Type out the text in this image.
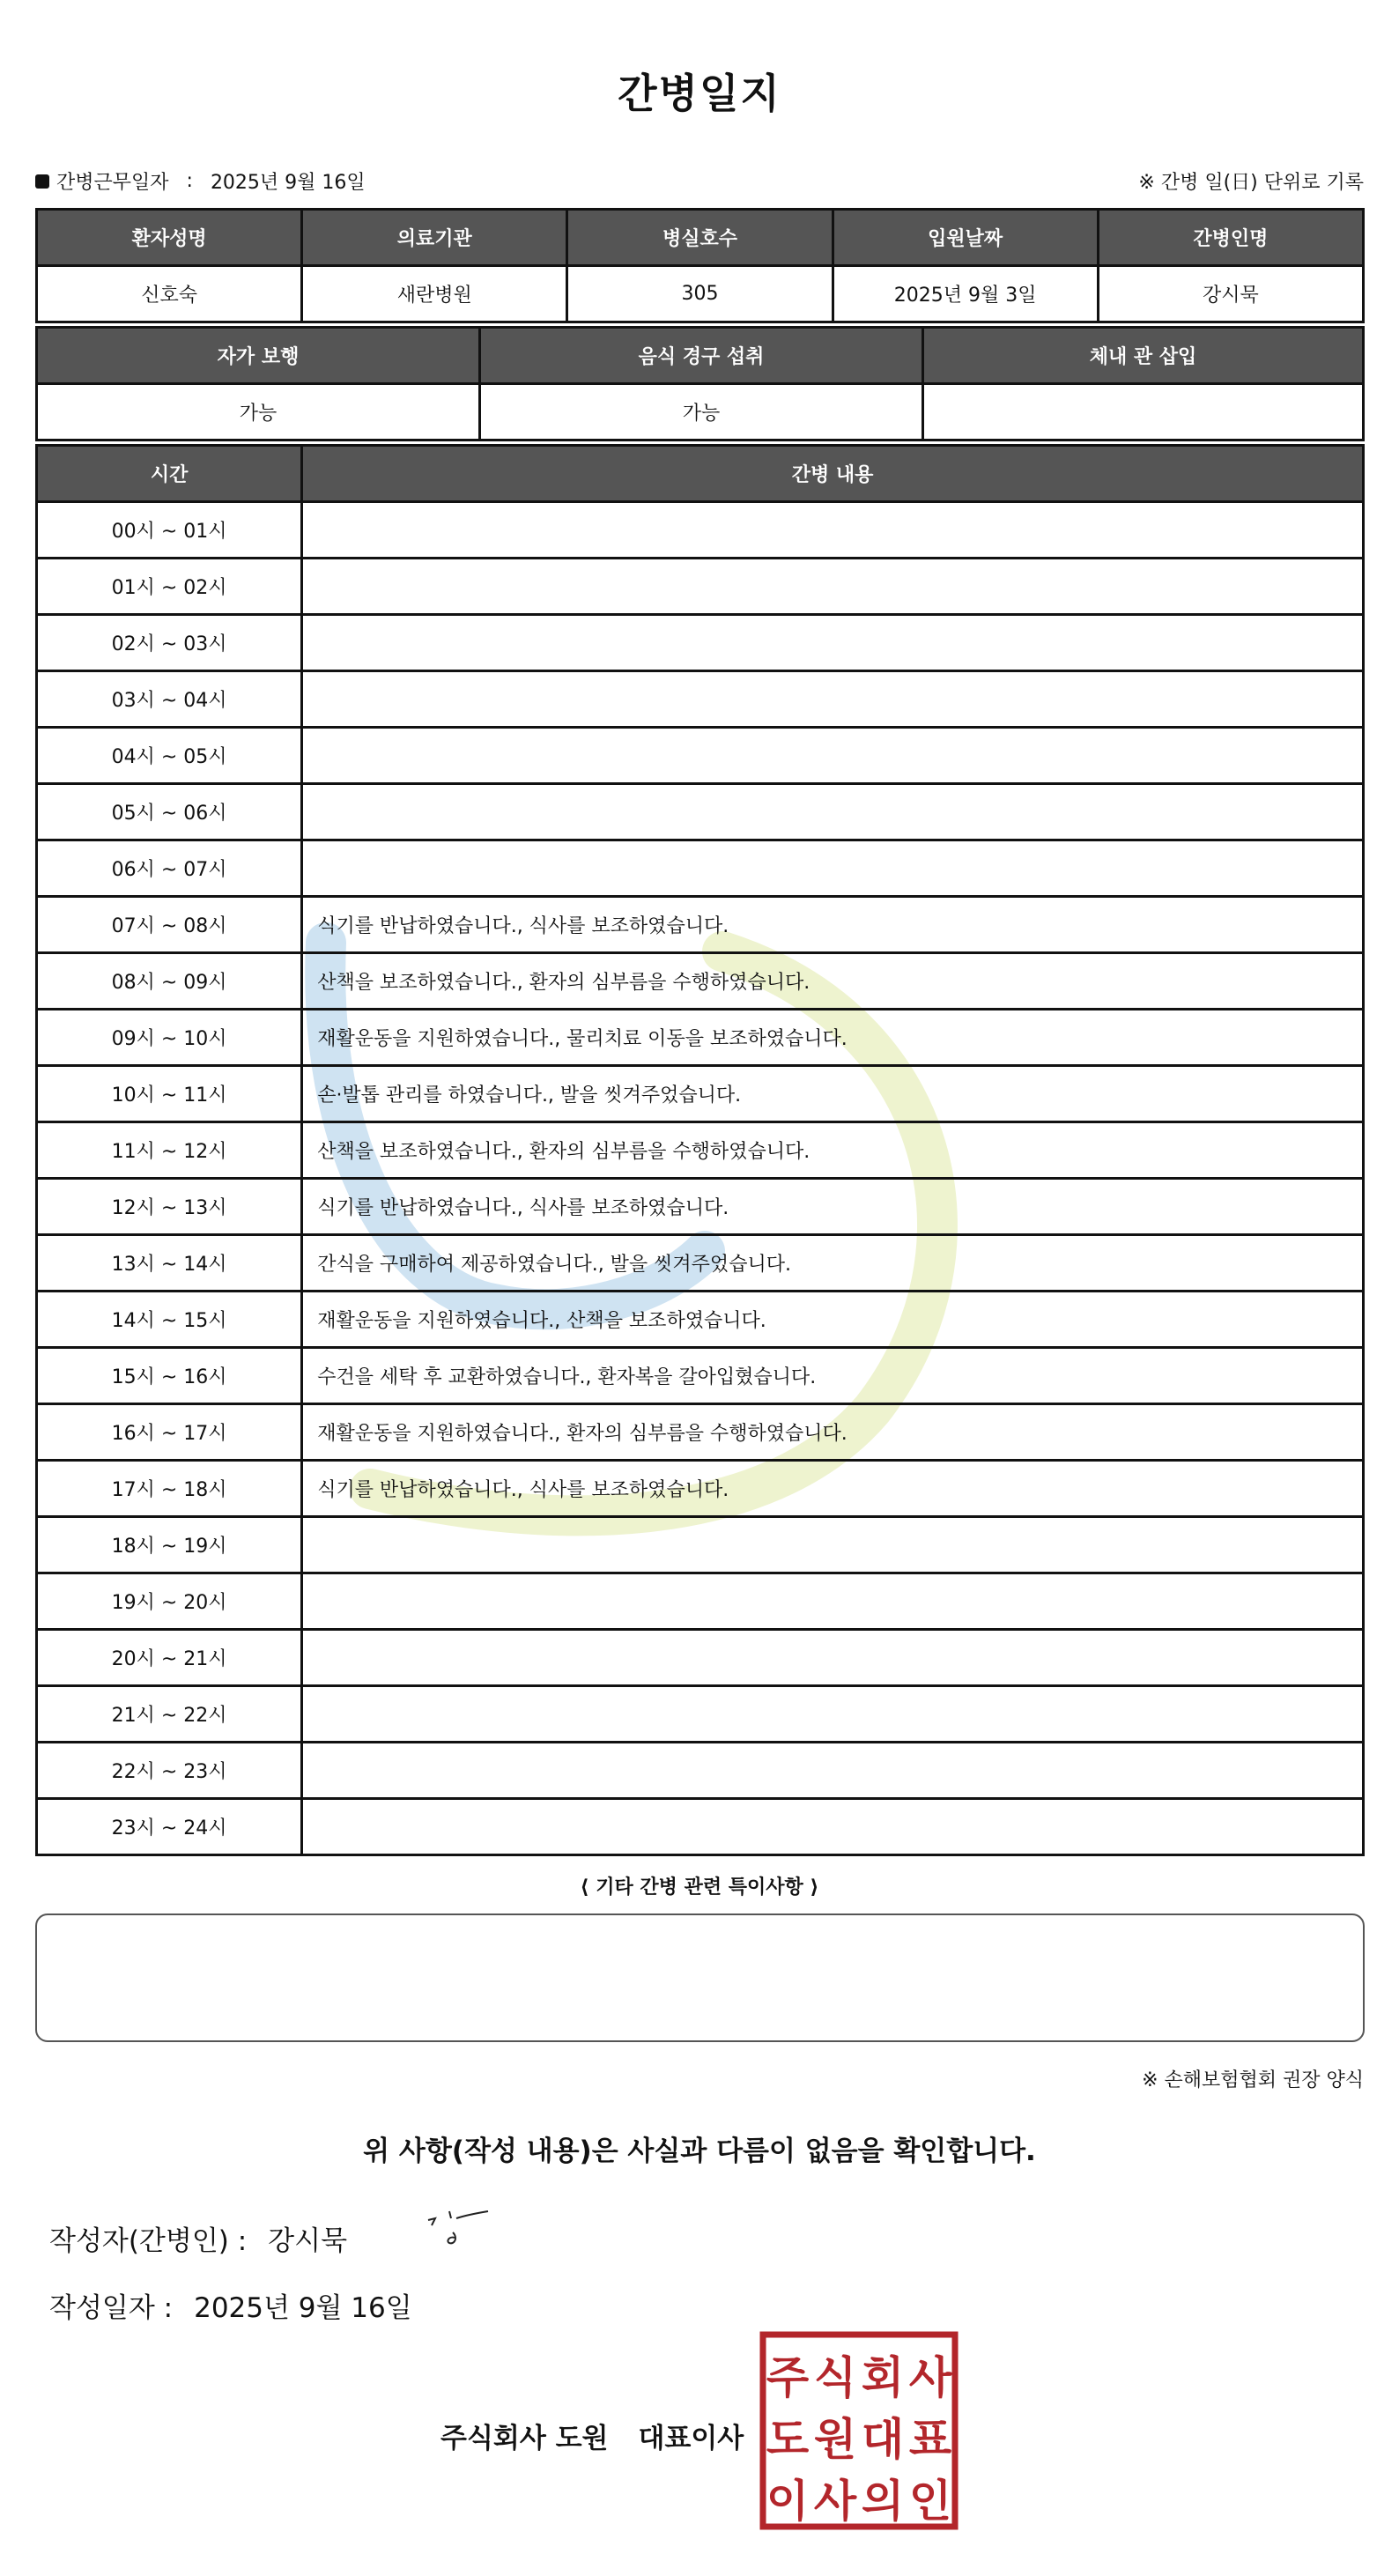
간병일지
간병근무일자 : 2025년 9월 16일	※ 간병 일(日) 단위로 기록
환자성명	의료기관	병실호수	입원날짜	간병인명
신호숙	새란병원	305	2025년 9월 3일	강시묵
자가 보행	음식 경구 섭취	체내 관 삽입
가능	가능	
시간	간병 내용
00시 ~ 01시	
01시 ~ 02시	
02시 ~ 03시	
03시 ~ 04시	
04시 ~ 05시	
05시 ~ 06시	
06시 ~ 07시	
07시 ~ 08시	식기를 반납하였습니다., 식사를 보조하였습니다.
08시 ~ 09시	산책을 보조하였습니다., 환자의 심부름을 수행하였습니다.
09시 ~ 10시	재활운동을 지원하였습니다., 물리치료 이동을 보조하였습니다.
10시 ~ 11시	손·발톱 관리를 하였습니다., 발을 씻겨주었습니다.
11시 ~ 12시	산책을 보조하였습니다., 환자의 심부름을 수행하였습니다.
12시 ~ 13시	식기를 반납하였습니다., 식사를 보조하였습니다.
13시 ~ 14시	간식을 구매하여 제공하였습니다., 발을 씻겨주었습니다.
14시 ~ 15시	재활운동을 지원하였습니다., 산책을 보조하였습니다.
15시 ~ 16시	수건을 세탁 후 교환하였습니다., 환자복을 갈아입혔습니다.
16시 ~ 17시	재활운동을 지원하였습니다., 환자의 심부름을 수행하였습니다.
17시 ~ 18시	식기를 반납하였습니다., 식사를 보조하였습니다.
18시 ~ 19시	
19시 ~ 20시	
20시 ~ 21시	
21시 ~ 22시	
22시 ~ 23시	
23시 ~ 24시	
⟨ 기타 간병 관련 특이사항 ⟩
※ 손해보험협회 권장 양식
위 사항(작성 내용)은 사실과 다름이 없음을 확인합니다.
작성자(간병인) : 강시묵
작성일자 : 2025년 9월 16일
주식회사 도원 대표이사
주 식 회 사
도 원 대 표
이 사 의 인
